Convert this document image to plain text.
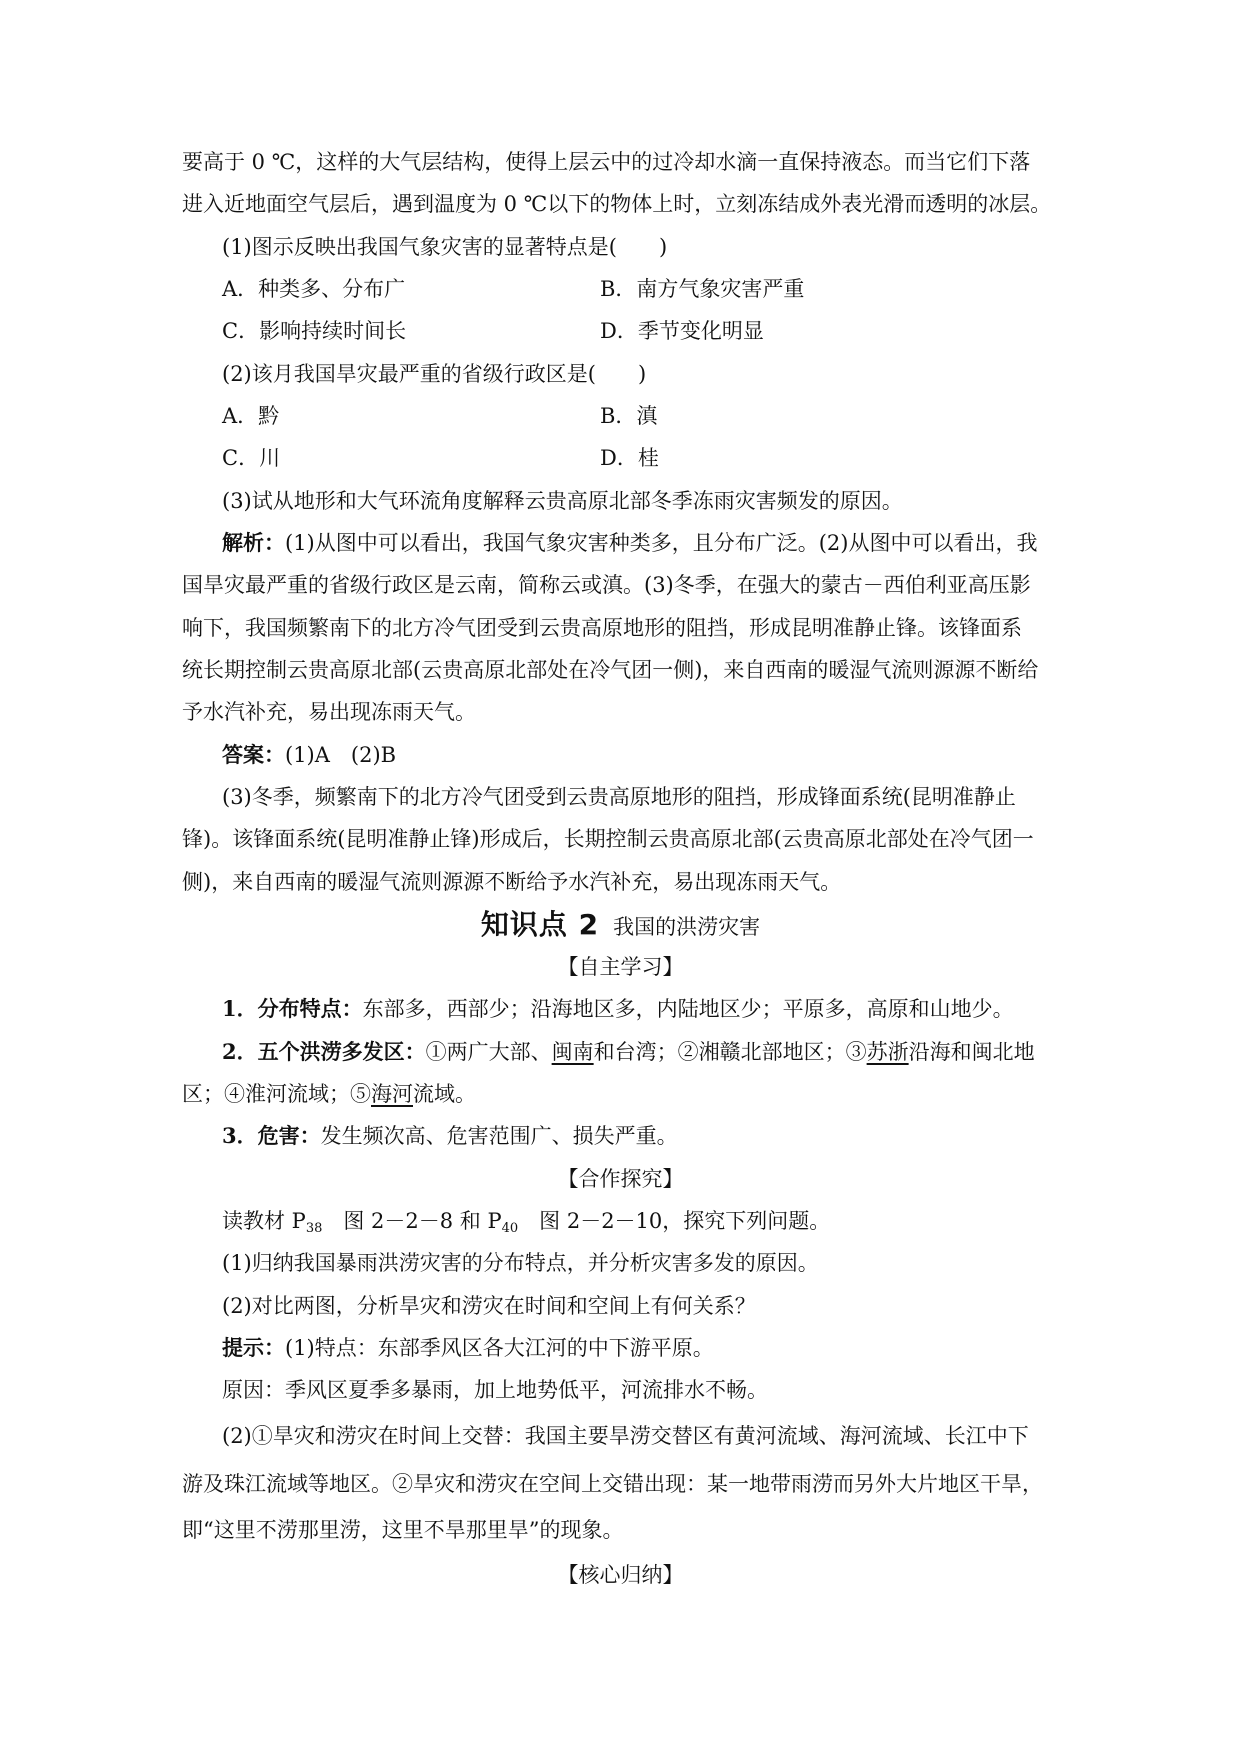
要高于 0 ℃，这样的大气层结构，使得上层云中的过冷却水滴一直保持液态。而当它们下落
进入近地面空气层后，遇到温度为 0 ℃以下的物体上时，立刻冻结成外表光滑而透明的冰层。
(1)图示反映出我国气象灾害的显著特点是(　　)
A．种类多、分布广	B．南方气象灾害严重
C．影响持续时间长	D．季节变化明显
(2)该月我国旱灾最严重的省级行政区是(　　)
A．黔	B．滇
C．川	D．桂
(3)试从地形和大气环流角度解释云贵高原北部冬季冻雨灾害频发的原因。
解析：(1)从图中可以看出，我国气象灾害种类多，且分布广泛。(2)从图中可以看出，我
国旱灾最严重的省级行政区是云南，简称云或滇。(3)冬季，在强大的蒙古－西伯利亚高压影
响下，我国频繁南下的北方冷气团受到云贵高原地形的阻挡，形成昆明准静止锋。该锋面系
统长期控制云贵高原北部(云贵高原北部处在冷气团一侧)，来自西南的暖湿气流则源源不断给
予水汽补充，易出现冻雨天气。
答案：(1)A　(2)B
(3)冬季，频繁南下的北方冷气团受到云贵高原地形的阻挡，形成锋面系统(昆明准静止
锋)。该锋面系统(昆明准静止锋)形成后，长期控制云贵高原北部(云贵高原北部处在冷气团一
侧)，来自西南的暖湿气流则源源不断给予水汽补充，易出现冻雨天气。
知识点 2 我国的洪涝灾害
【自主学习】
1．分布特点：东部多，西部少；沿海地区多，内陆地区少；平原多，高原和山地少。
2．五个洪涝多发区：①两广大部、闽南和台湾；②湘赣北部地区；③苏浙沿海和闽北地
区；④淮河流域；⑤海河流域。
3．危害：发生频次高、危害范围广、损失严重。
【合作探究】
读教材 $P_{38}$　图 2－2－8 和 $P_{40}$　图 2－2－10，探究下列问题。
(1)归纳我国暴雨洪涝灾害的分布特点，并分析灾害多发的原因。
(2)对比两图，分析旱灾和涝灾在时间和空间上有何关系？
提示：(1)特点：东部季风区各大江河的中下游平原。
原因：季风区夏季多暴雨，加上地势低平，河流排水不畅。
(2)①旱灾和涝灾在时间上交替：我国主要旱涝交替区有黄河流域、海河流域、长江中下
游及珠江流域等地区。②旱灾和涝灾在空间上交错出现：某一地带雨涝而另外大片地区干旱，
即“这里不涝那里涝，这里不旱那里旱”的现象。
【核心归纳】
